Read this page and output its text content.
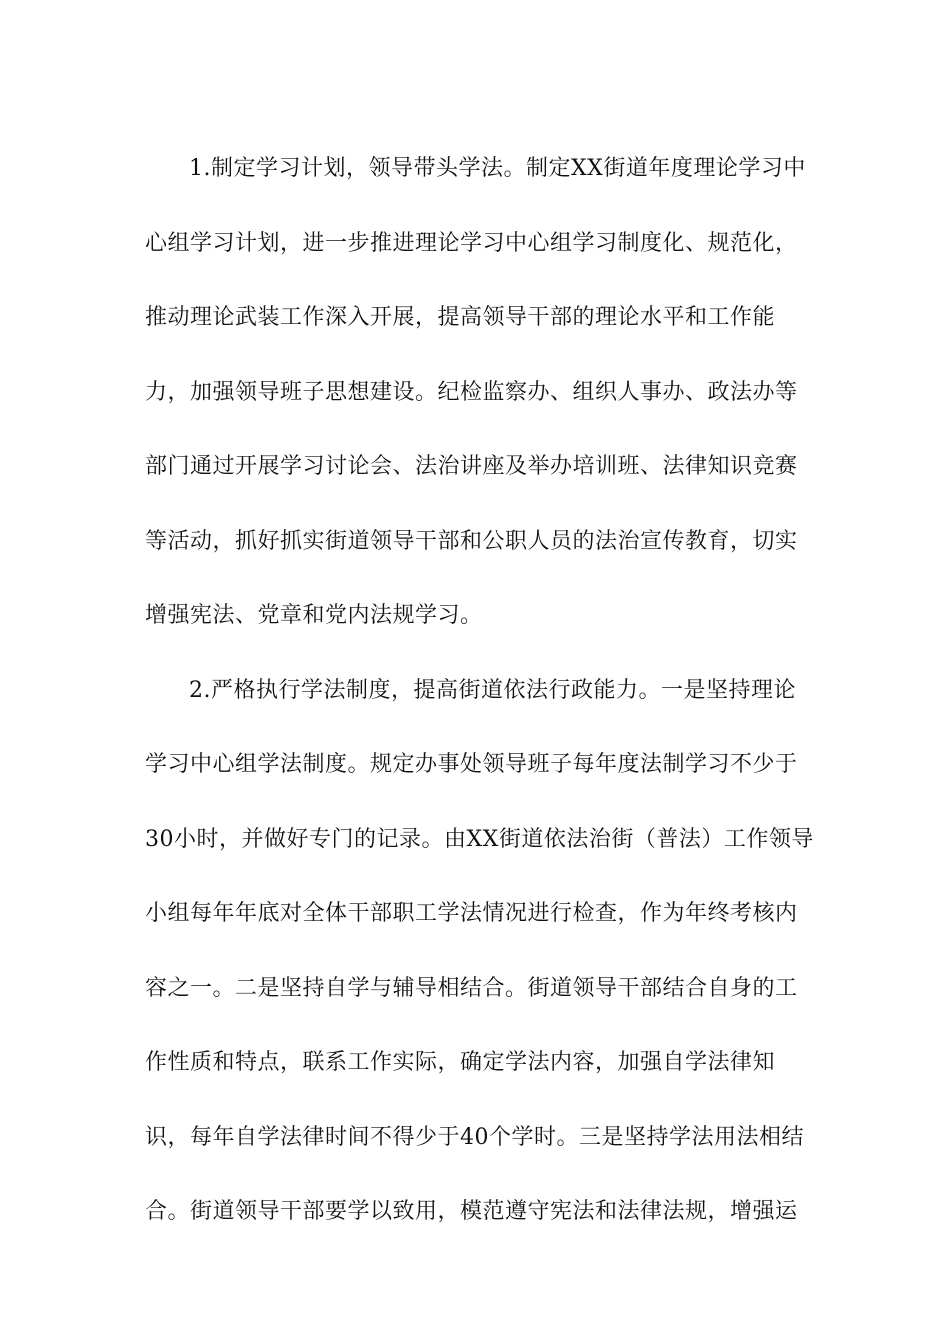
1.制定学习计划，领导带头学法。制定XX街道年度理论学习中
心组学习计划，进一步推进理论学习中心组学习制度化、规范化，
推动理论武装工作深入开展，提高领导干部的理论水平和工作能
力，加强领导班子思想建设。纪检监察办、组织人事办、政法办等
部门通过开展学习讨论会、法治讲座及举办培训班、法律知识竞赛
等活动，抓好抓实街道领导干部和公职人员的法治宣传教育，切实
增强宪法、党章和党内法规学习。
2.严格执行学法制度，提高街道依法行政能力。一是坚持理论
学习中心组学法制度。规定办事处领导班子每年度法制学习不少于
30小时，并做好专门的记录。由XX街道依法治街（普法）工作领导
小组每年年底对全体干部职工学法情况进行检查，作为年终考核内
容之一。二是坚持自学与辅导相结合。街道领导干部结合自身的工
作性质和特点，联系工作实际，确定学法内容，加强自学法律知
识，每年自学法律时间不得少于40个学时。三是坚持学法用法相结
合。街道领导干部要学以致用，模范遵守宪法和法律法规，增强运
